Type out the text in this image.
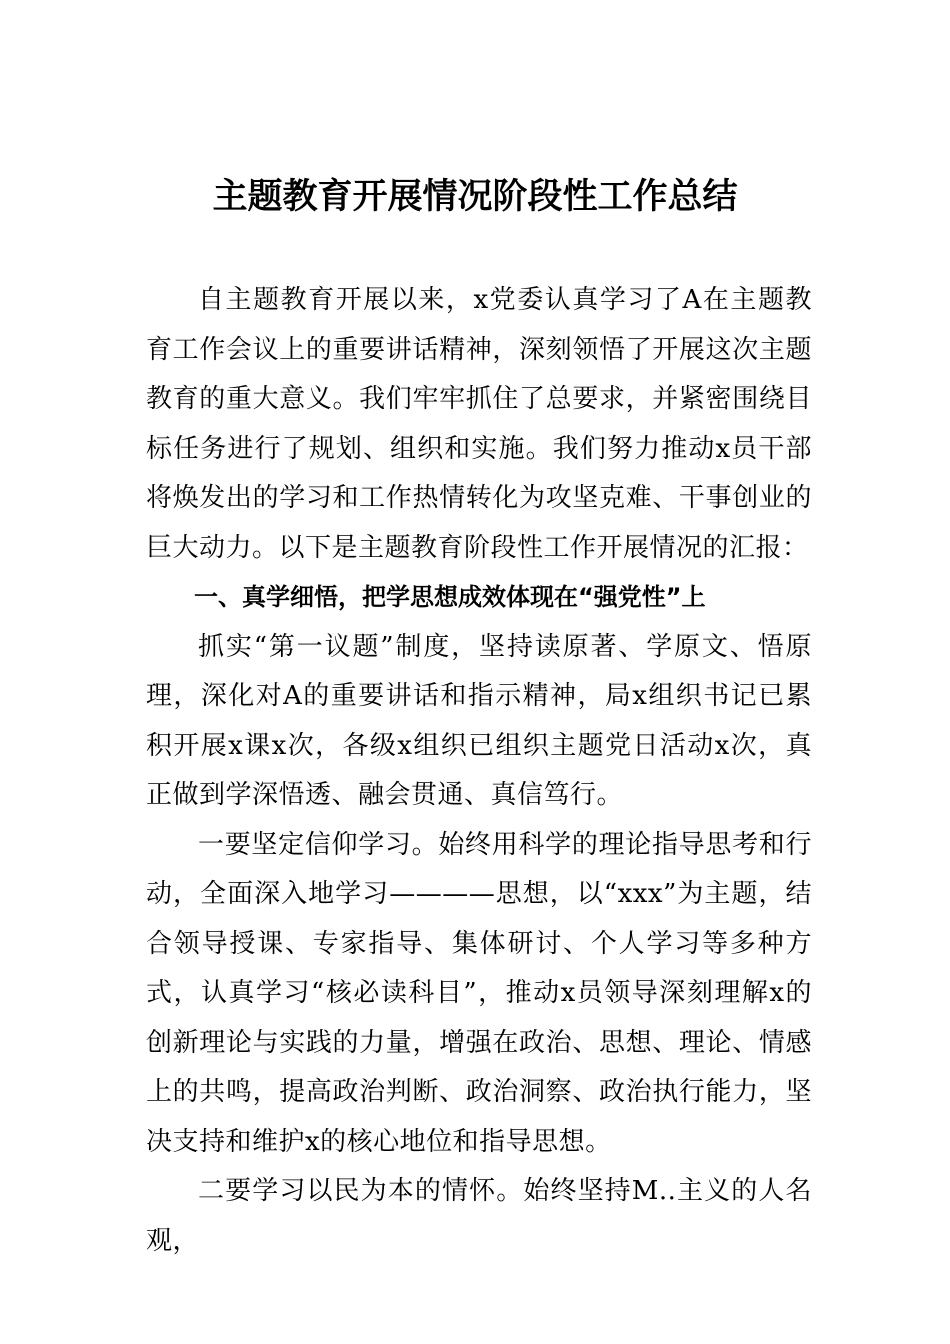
主题教育开展情况阶段性工作总结

自主题教育开展以来，x党委认真学习了A在主题教育工作会议上的重要讲话精神，深刻领悟了开展这次主题教育的重大意义。我们牢牢抓住了总要求，并紧密围绕目标任务进行了规划、组织和实施。我们努力推动x员干部将焕发出的学习和工作热情转化为攻坚克难、干事创业的巨大动力。以下是主题教育阶段性工作开展情况的汇报：

一、真学细悟，把学思想成效体现在“强党性”上

抓实“第一议题”制度，坚持读原著、学原文、悟原理，深化对A的重要讲话和指示精神，局x组织书记已累积开展x课x次，各级x组织已组织主题党日活动x次，真正做到学深悟透、融会贯通、真信笃行。

一要坚定信仰学习。始终用科学的理论指导思考和行动，全面深入地学习————思想，以“xxx”为主题，结合领导授课、专家指导、集体研讨、个人学习等多种方式，认真学习“核必读科目”，推动x员领导深刻理解x的创新理论与实践的力量，增强在政治、思想、理论、情感上的共鸣，提高政治判断、政治洞察、政治执行能力，坚决支持和维护x的核心地位和指导思想。

二要学习以民为本的情怀。始终坚持M..主义的人名观，
